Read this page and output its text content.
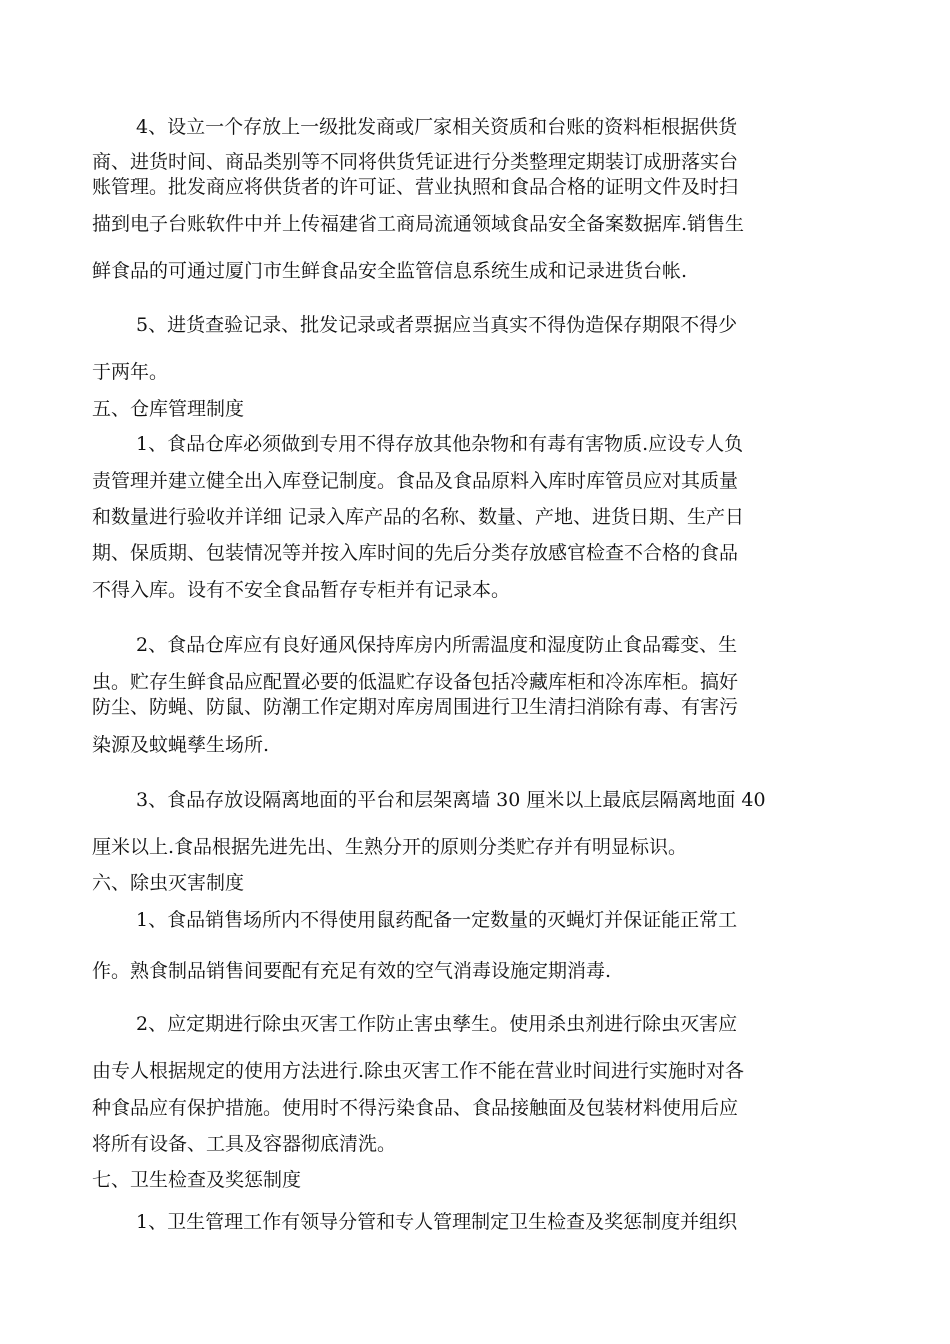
4、设立一个存放上一级批发商或厂家相关资质和台账的资料柜根据供货
商、进货时间、商品类别等不同将供货凭证进行分类整理定期装订成册落实台
账管理。批发商应将供货者的许可证、营业执照和食品合格的证明文件及时扫
描到电子台账软件中并上传福建省工商局流通领域食品安全备案数据库.销售生
鲜食品的可通过厦门市生鲜食品安全监管信息系统生成和记录进货台帐.
5、进货查验记录、批发记录或者票据应当真实不得伪造保存期限不得少
于两年。
五、仓库管理制度
1、食品仓库必须做到专用不得存放其他杂物和有毒有害物质.应设专人负
责管理并建立健全出入库登记制度。食品及食品原料入库时库管员应对其质量
和数量进行验收并详细 记录入库产品的名称、数量、产地、进货日期、生产日
期、保质期、包装情况等并按入库时间的先后分类存放感官检查不合格的食品
不得入库。设有不安全食品暂存专柜并有记录本。
2、食品仓库应有良好通风保持库房内所需温度和湿度防止食品霉变、生
虫。贮存生鲜食品应配置必要的低温贮存设备包括冷藏库柜和冷冻库柜。搞好
防尘、防蝇、防鼠、防潮工作定期对库房周围进行卫生清扫消除有毒、有害污
染源及蚊蝇孳生场所.
3、食品存放设隔离地面的平台和层架离墙 30 厘米以上最底层隔离地面 40
厘米以上.食品根据先进先出、生熟分开的原则分类贮存并有明显标识。
六、除虫灭害制度
1、食品销售场所内不得使用鼠药配备一定数量的灭蝇灯并保证能正常工
作。熟食制品销售间要配有充足有效的空气消毒设施定期消毒.
2、应定期进行除虫灭害工作防止害虫孳生。使用杀虫剂进行除虫灭害应
由专人根据规定的使用方法进行.除虫灭害工作不能在营业时间进行实施时对各
种食品应有保护措施。使用时不得污染食品、食品接触面及包装材料使用后应
将所有设备、工具及容器彻底清洗。
七、卫生检查及奖惩制度
1、卫生管理工作有领导分管和专人管理制定卫生检查及奖惩制度并组织
